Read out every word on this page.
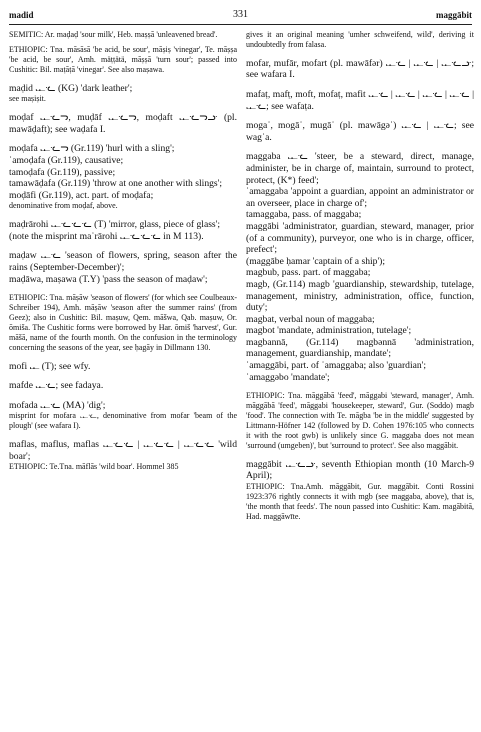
madid	331	maggābit

SEMITIC: Ar. maḍaḍ 'sour milk', Heb. maṣṣā 'unleavened bread'.

ETHIOPIC: Tna. māsāsā 'be acid, be sour', māṣiṣ 'vinegar', Te. māṣṣa 'be acid, be sour', Amh. mäṭṭätä, māṣṣā 'turn sour'; passed into Cushitic: Bil. maṭāṭā 'vinegar'. See also maṣawa.

maḍid ᎘ᓦ (KG) 'dark leather';

see maṣiṣit.

moḍaf ᎘ᓦᓓ, muḍāf ᎘ᓦᓓ, moḍaft ᎘ᓦᓓᓣ (pl. mawāḍaft); see waḍafa I.

moḍafa ᎘ᓦᓓ (Gr.119) 'hurl with a sling';

ʾamoḍafa (Gr.119), causative;

tamoḍafa (Gr.119), passive;

tamawāḍafa (Gr.119) 'throw at one another with slings';

moḍāfi (Gr.119), act. part. of moḍafa;

denominative from moḍaf, above.

maḍrārohi ᎘ᓦᓦᓦ (T) 'mirror, glass, piece of glass';

(note the misprint maʿrārohi ᎘ᓦᓦᓦ in M 113).

maḍaw ᎘ᓦ 'season of flowers, spring, season after the rains (September-December)';

maḍāwa, maṣawa (T.Y) 'pass the season of maḍaw';

ETHIOPIC: Tna. māṣāw 'season of flowers' (for which see Coulbeaux-Schreiber 194), Amh. māṣāw 'season after the summer rains' (from Geez); also in Cushitic: Bil. maṣuw, Qem. māšwa, Qab. maṣuw, Or. ōmiša. The Cushitic forms were borrowed by Har. ōmiš 'harvest', Gur. māšā, name of the fourth month. On the confusion in the terminology concerning the seasons of the year, see ḥagāy in Dillmann 130.

mofi ᎘ (T); see wfy.

mafde ᎘ᓦ; see fadaya.

mofada ᎘ᓦ (MA) 'dig';

misprint for mofara ᎘ᓦ, denominative from mofar 'beam of the plough' (see wafara I).

maflas, maflus, maflas ᎘ᓦᓦ | ᎘ᓦᓦ | ᎘ᓦᓦ 'wild boar';

ETHIOPIC: Te.Tna. māflās 'wild boar'. Hommel 385

gives it an original meaning 'umher schweifend, wild', deriving it undoubtedly from falasa.

mofar, mufār, mofart (pl. mawāfər) ᎘ᓦ | ᎘ᓦ | ᎘ᓦᓣ; see wafara I.

mafaṭ, mafṭ, moft, mofaṭ, mafit ᎘ᓦ | ᎘ᓦ | ᎘ᓦ | ᎘ᓦ | ᎘ᓦ; see wafaṭa.

mogaʾ, mogāʾ, mugāʾ (pl. mawāgəʾ) ᎘ᓦ | ᎘ᓦ; see wagʾa.

maggaba ᎘ᓦ 'steer, be a steward, direct, manage, administer, be in charge of, maintain, surround to protect, protect, (K*) feed';

ʾamaggaba 'appoint a guardian, appoint an administrator or an overseer, place in charge of';

tamaggaba, pass. of maggaba;

maggābi 'administrator, guardian, steward, manager, prior (of a community), purveyor, one who is in charge, officer, prefect';

(maggābe ḥamar 'captain of a ship');

magbub, pass. part. of maggaba;

magb, (Gr.114) magb 'guardianship, stewardship, tutelage, management, ministry, administration, office, function, duty';

magbat, verbal noun of maggaba;

magbot 'mandate, administration, tutelage';

magbannā, (Gr.114) magbənnā 'administration, management, guardianship, mandate';

ʾamaggābi, part. of ʾamaggaba; also 'guardian';

ʾamaggəbo 'mandate';

ETHIOPIC: Tna. māggābā 'feed', māggabi 'steward, manager', Amh. māggābā 'feed', māggabi 'housekeeper, steward', Gur. (Soddo) magb 'food'. The connection with Te. māgba 'be in the middle' suggested by Littmann-Höfner 142 (followed by D. Cohen 1976:105 who connects it with the root gwb) is unlikely since G. maggaba does not mean 'surround (umgeben)', but 'surround to protect'. See also maggābit.

maggābit ᎘ᓦᓣ, seventh Ethiopian month (10 March-9 April);

ETHIOPIC: Tna.Amh. māggābit, Gur. maggābit. Conti Rossini 1923:376 rightly connects it with mgb (see maggaba, above), that is, 'the month that feeds'. The noun passed into Cushitic: Kam. magābitā, Had. maggāwīte.
